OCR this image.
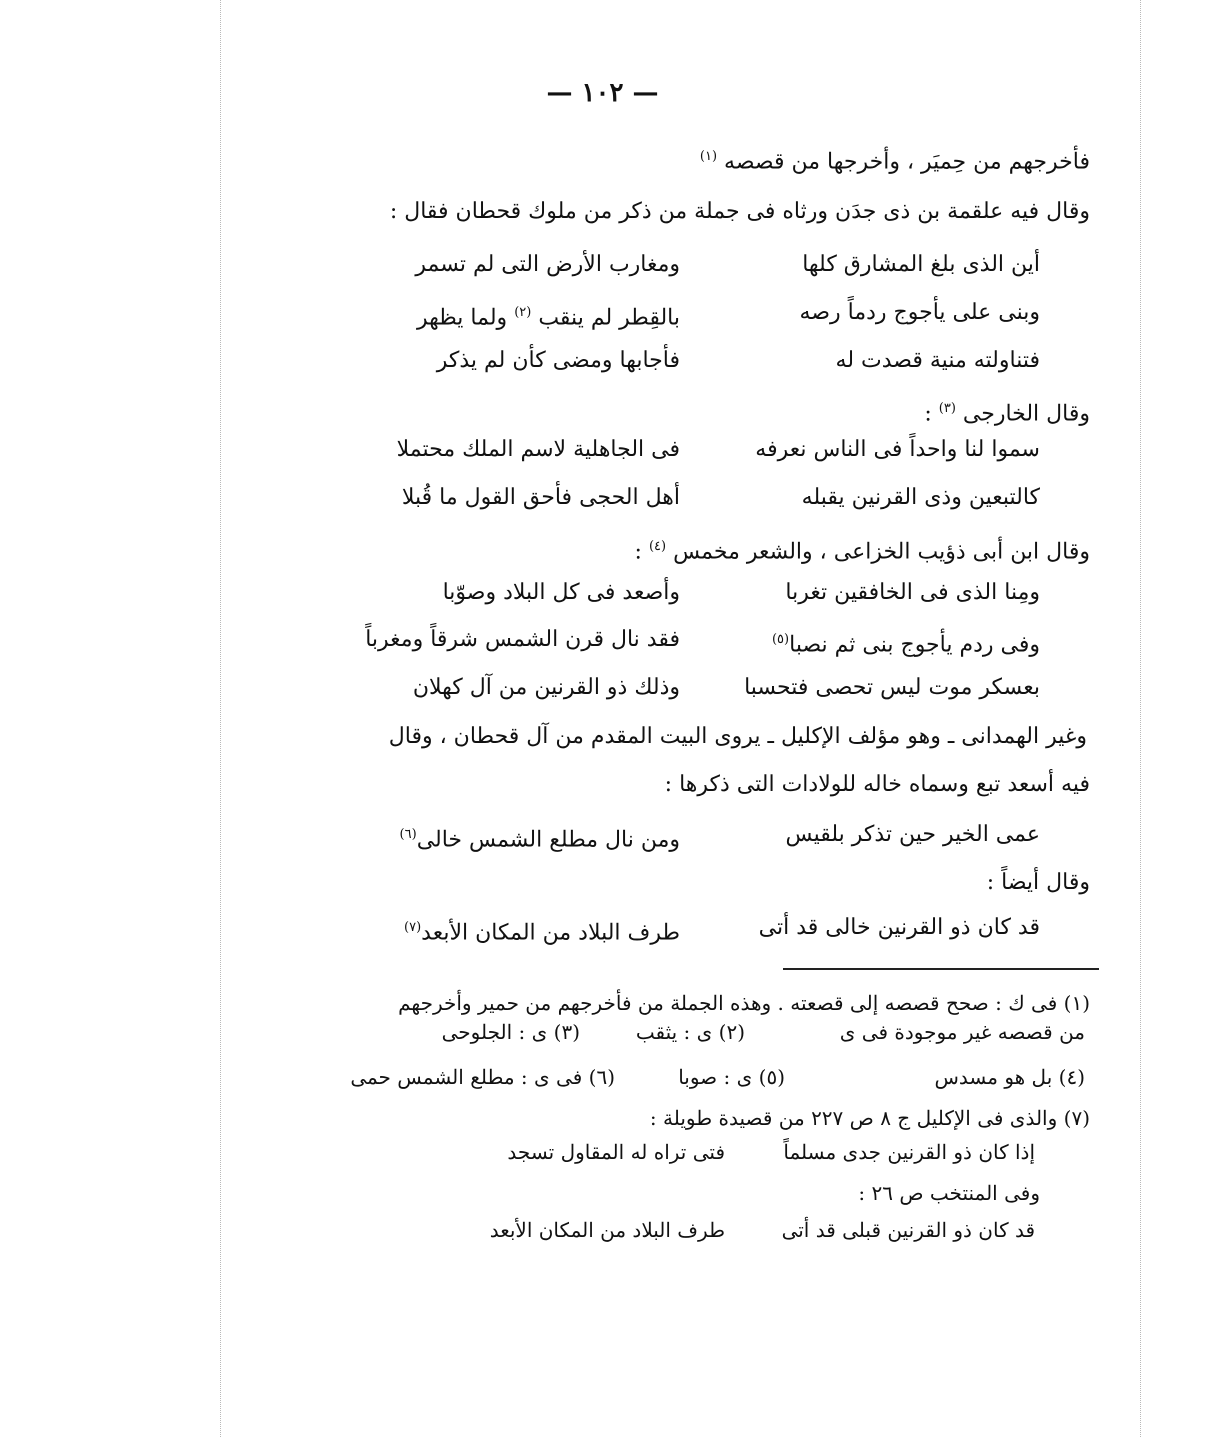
— ١٠٢ —
فأخرجهم من حِميَر ، وأخرجها من قصصه $^{(١)}$
وقال فيه علقمة بن ذى جدَن ورثاه فى جملة من ذكر من ملوك قحطان فقال :
أين الذى بلغ المشارق كلها
ومغارب الأرض التى لم تسمر
وبنى على يأجوج ردماً رصه
بالقِطر لم ينقب $^{(٢)}$ ولما يظهر
فتناولته منية قصدت له
فأجابها ومضى كأن لم يذكر
وقال الخارجى $^{(٣)}$ :
سموا لنا واحداً فى الناس نعرفه
فى الجاهلية لاسم الملك محتملا
كالتبعين وذى القرنين يقبله
أهل الحجى فأحق القول ما قُبلا
وقال ابن أبى ذؤيب الخزاعى ، والشعر مخمس $^{(٤)}$ :
ومِنا الذى فى الخافقين تغربا
وأصعد فى كل البلاد وصوّبا
وفى ردم يأجوج بنى ثم نصبا$^{(٥)}$
فقد نال قرن الشمس شرقاً ومغرباً
بعسكر موت ليس تحصى فتحسبا
وذلك ذو القرنين من آل كهلان
وغير الهمدانى ـ وهو مؤلف الإكليل ـ يروى البيت المقدم من آل قحطان ، وقال
فيه أسعد تبع وسماه خاله للولادات التى ذكرها :
عمى الخير حين تذكر بلقيس
ومن نال مطلع الشمس خالى$^{(٦)}$
وقال أيضاً :
قد كان ذو القرنين خالى قد أتى
طرف البلاد من المكان الأبعد$^{(٧)}$
(١) فى ك : صحح قصصه إلى قصعته . وهذه الجملة من فأخرجهم من حمير وأخرجهم
من قصصه غير موجودة فى ى
(٢) ى : يثقب
(٣) ى : الجلوحى
(٤) بل هو مسدس
(٥) ى : صوبا
(٦) فى ى : مطلع الشمس حمى
(٧) والذى فى الإكليل ج ٨ ص ٢٢٧ من قصيدة طويلة :
إذا كان ذو القرنين جدى مسلماً
فتى تراه له المقاول تسجد
وفى المنتخب ص ٢٦ :
قد كان ذو القرنين قبلى قد أتى
طرف البلاد من المكان الأبعد
